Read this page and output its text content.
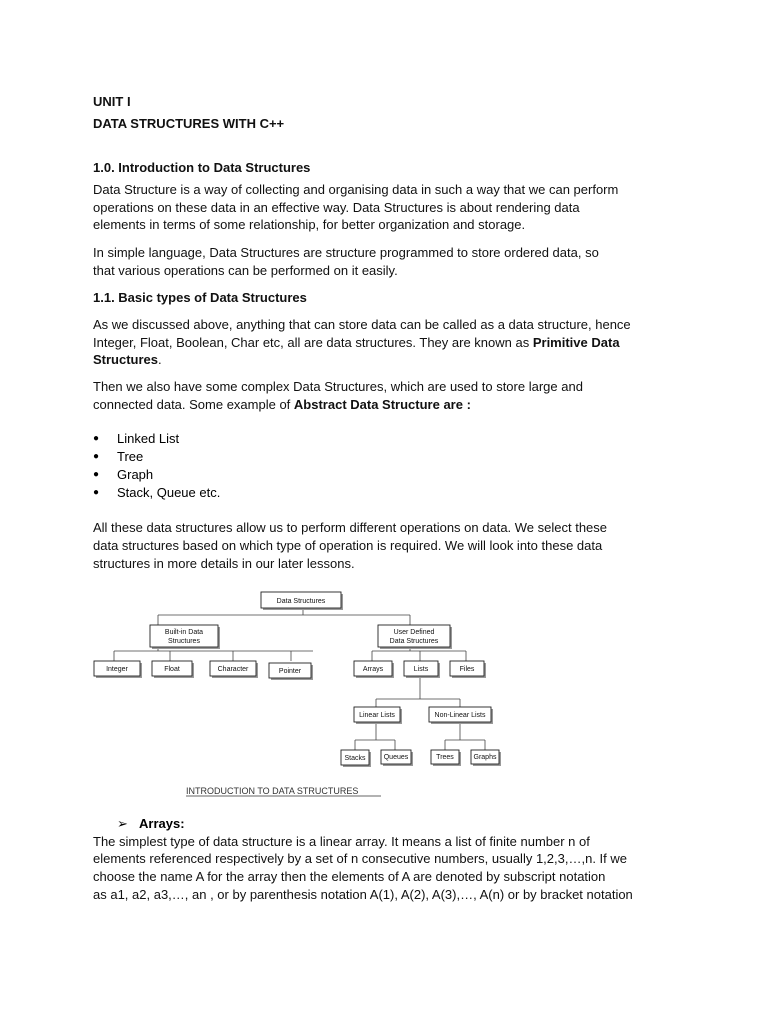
UNIT I

DATA STRUCTURES WITH C++

1.0. Introduction to Data Structures

Data Structure is a way of collecting and organising data in such a way that we can perform

operations on these data in an effective way. Data Structures is about rendering data

elements in terms of some relationship, for better organization and storage.

In simple language, Data Structures are structure programmed to store ordered data, so

that various operations can be performed on it easily.

1.1. Basic types of Data Structures

As we discussed above, anything that can store data can be called as a data structure, hence

Integer, Float, Boolean, Char etc, all are data structures. They are known as Primitive Data

Structures.

Then we also have some complex Data Structures, which are used to store large and

connected data. Some example of Abstract Data Structure are :

● Linked List
● Tree
● Graph
● Stack, Queue etc.

All these data structures allow us to perform different operations on data. We select these

data structures based on which type of operation is required. We will look into these data

structures in more details in our later lessons.

Data Structures
Built-in Data
Structures
User Defined
Data Structures
Integer	Float	Character	Pointer	Arrays	Lists	Files
Linear Lists	Non-Linear Lists
Stacks	Queues	Trees	Graphs
INTRODUCTION TO DATA STRUCTURES
➢ Arrays:

The simplest type of data structure is a linear array. It means a list of finite number n of

elements referenced respectively by a set of n consecutive numbers, usually 1,2,3,…,n. If we

choose the name A for the array then the elements of A are denoted by subscript notation

as a1, a2, a3,…, an , or by parenthesis notation A(1), A(2), A(3),…, A(n) or by bracket notation
